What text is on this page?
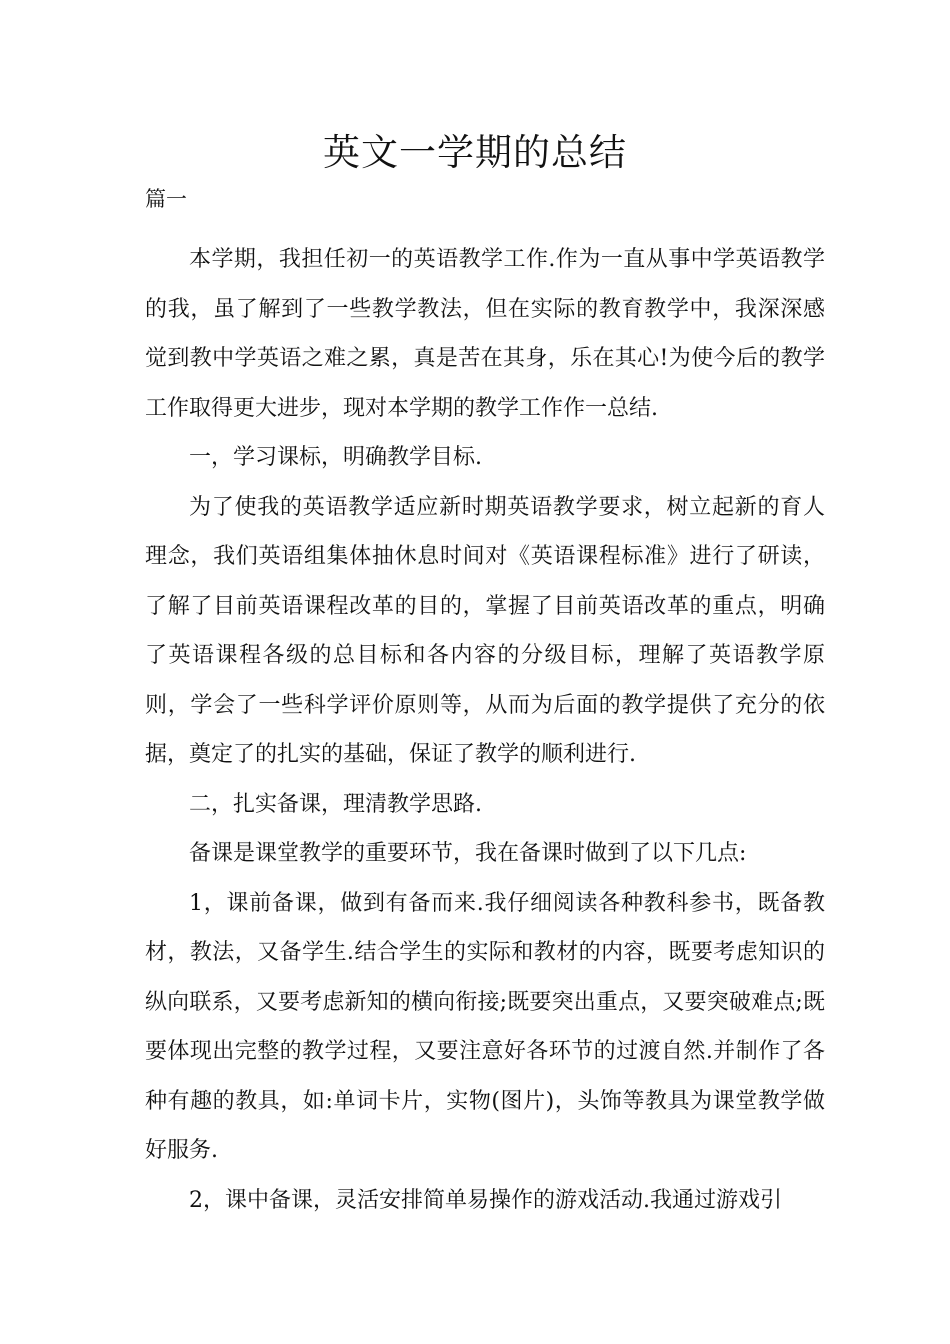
英文一学期的总结

篇一

本学期，我担任初一的英语教学工作.作为一直从事中学英语教学的我，虽了解到了一些教学教法，但在实际的教育教学中，我深深感觉到教中学英语之难之累，真是苦在其身，乐在其心!为使今后的教学工作取得更大进步，现对本学期的教学工作作一总结.

一，学习课标，明确教学目标.

为了使我的英语教学适应新时期英语教学要求，树立起新的育人理念，我们英语组集体抽休息时间对《英语课程标准》进行了研读，了解了目前英语课程改革的目的，掌握了目前英语改革的重点，明确了英语课程各级的总目标和各内容的分级目标，理解了英语教学原则，学会了一些科学评价原则等，从而为后面的教学提供了充分的依据，奠定了的扎实的基础，保证了教学的顺利进行.

二，扎实备课，理清教学思路.

备课是课堂教学的重要环节，我在备课时做到了以下几点:

1，课前备课，做到有备而来.我仔细阅读各种教科参书，既备教材，教法，又备学生.结合学生的实际和教材的内容，既要考虑知识的纵向联系，又要考虑新知的横向衔接;既要突出重点，又要突破难点;既要体现出完整的教学过程，又要注意好各环节的过渡自然.并制作了各种有趣的教具，如:单词卡片，实物(图片)，头饰等教具为课堂教学做好服务.

2，课中备课，灵活安排简单易操作的游戏活动.我通过游戏引
